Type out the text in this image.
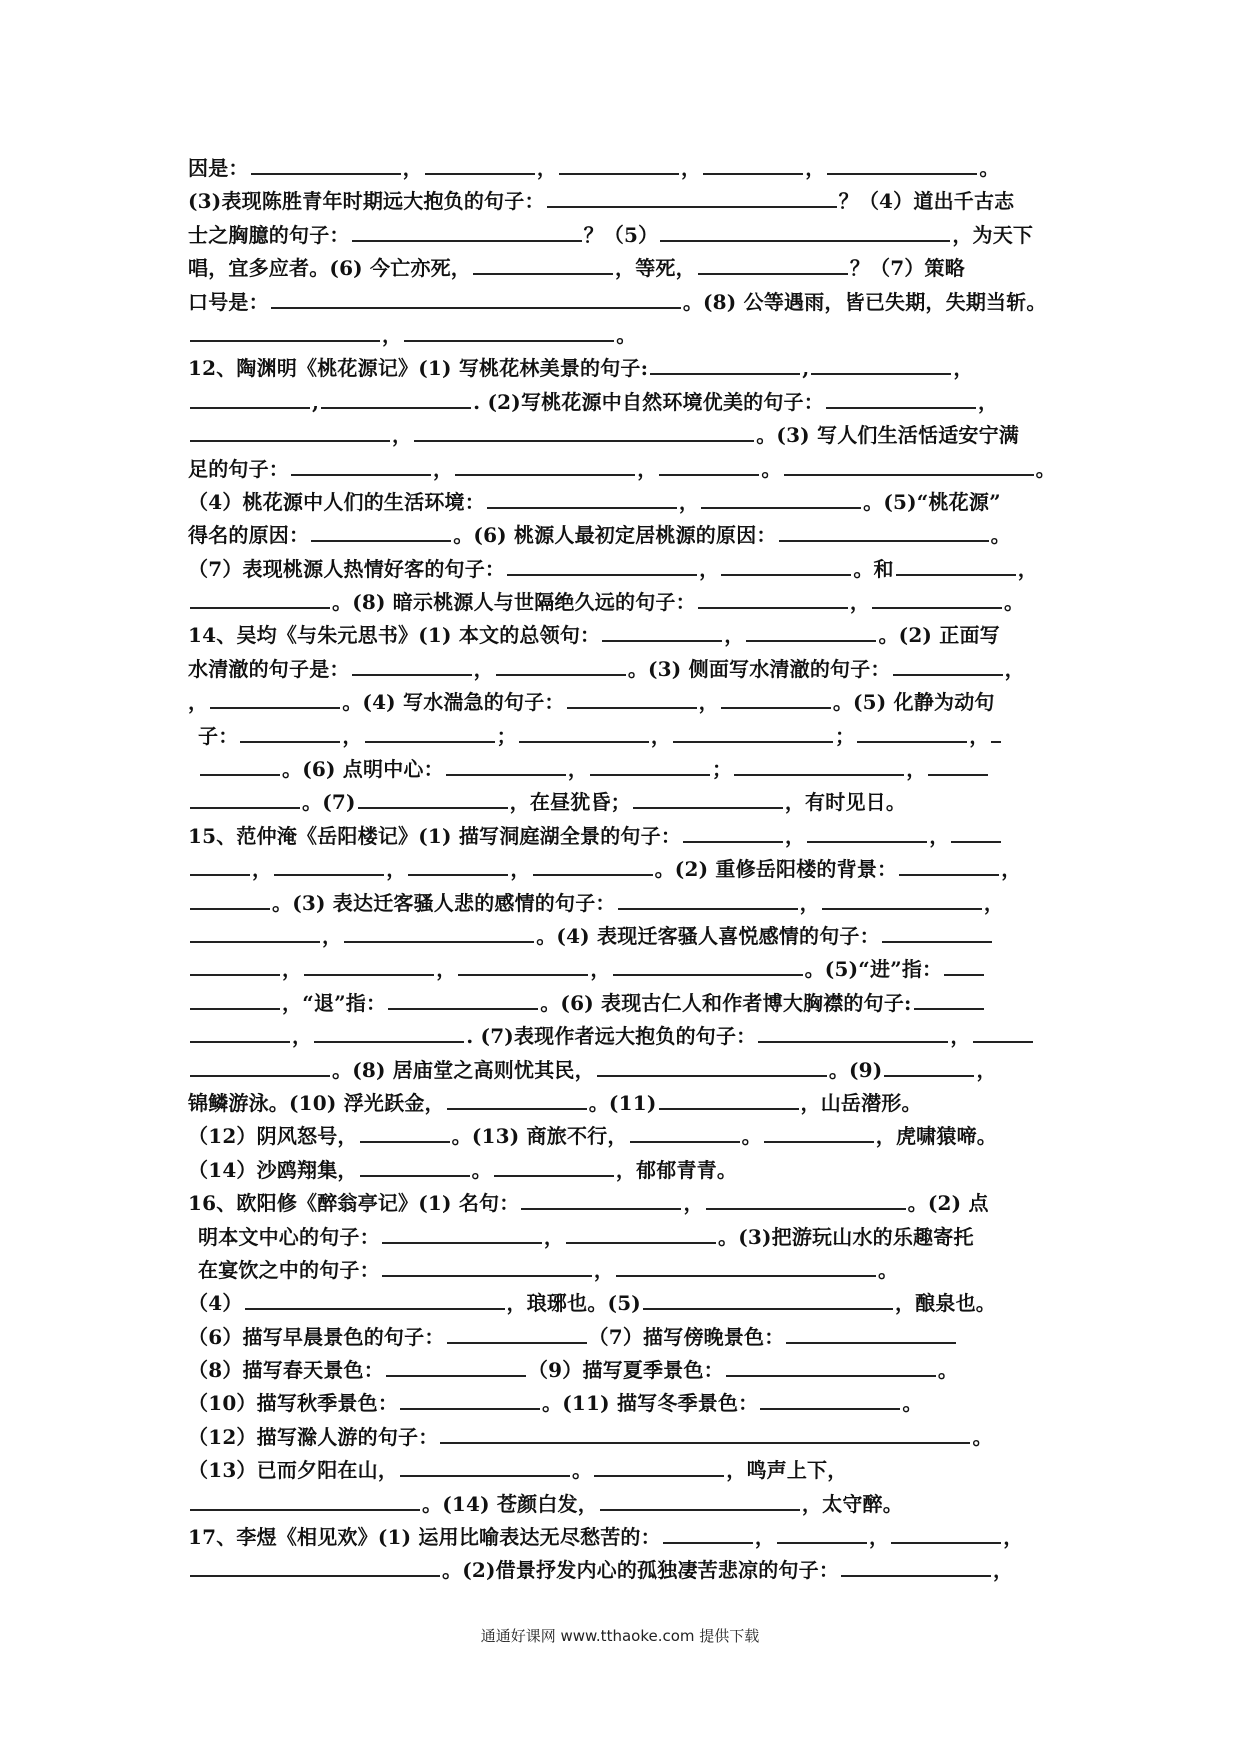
因是：	，	，	，	，	。
(3)表现陈胜青年时期远大抱负的句子：	？（4）道出千古志
士之胸臆的句子：	？（5）	，为天下
唱，宜多应者。(6) 今亡亦死，	，等死，	？（7）策略
口号是：	。(8) 公等遇雨，皆已失期，失期当斩。
，	。
12、陶渊明《桃花源记》(1) 写桃花林美景的句子:	,	，
,	. (2)写桃花源中自然环境优美的句子：	，
，	。(3) 写人们生活恬适安宁满
足的句子：	，	，	。	。
（4）桃花源中人们的生活环境：	，	。(5)“桃花源”
得名的原因：	。(6) 桃源人最初定居桃源的原因：	。
（7）表现桃源人热情好客的句子：	，	。和	，
。(8) 暗示桃源人与世隔绝久远的句子：	，	。
14、吴均《与朱元思书》(1) 本文的总领句：	，	。(2) 正面写
水清澈的句子是：	，	。(3) 侧面写水清澈的句子：	，
，	。(4) 写水湍急的句子：	，	。(5) 化静为动句
子：	，	；	，	；	，
。(6) 点明中心：	，	；	，
。(7)	，在昼犹昏；	，有时见日。
15、范仲淹《岳阳楼记》(1) 描写洞庭湖全景的句子：	，	，
，	，	，	。(2) 重修岳阳楼的背景：	，
。(3) 表达迁客骚人悲的感情的句子：	，	，
，	。(4) 表现迁客骚人喜悦感情的句子：
，	，	，	。(5)“进”指：
，“退”指：	。(6) 表现古仁人和作者博大胸襟的句子:
，	. (7)表现作者远大抱负的句子：	，
。(8) 居庙堂之高则忧其民，	。(9)	，
锦鳞游泳。(10) 浮光跃金，	。(11)	，山岳潜形。
（12）阴风怒号，	。(13) 商旅不行，	。	，虎啸猿啼。
（14）沙鸥翔集，	。	，郁郁青青。
16、欧阳修《醉翁亭记》(1) 名句：	，	。(2) 点
明本文中心的句子：	，	。(3)把游玩山水的乐趣寄托
在宴饮之中的句子：	，	。
（4）	，琅琊也。(5)	，酿泉也。
（6）描写早晨景色的句子：	（7）描写傍晚景色：
（8）描写春天景色：	（9）描写夏季景色：	。
（10）描写秋季景色：	。(11) 描写冬季景色：	。
（12）描写滁人游的句子：	。
（13）已而夕阳在山，	。	，鸣声上下，
。(14) 苍颜白发，	，太守醉。
17、李煜《相见欢》(1) 运用比喻表达无尽愁苦的：	，	，	，
。(2)借景抒发内心的孤独凄苦悲凉的句子：	，
通通好课网 www.tthaoke.com 提供下载
